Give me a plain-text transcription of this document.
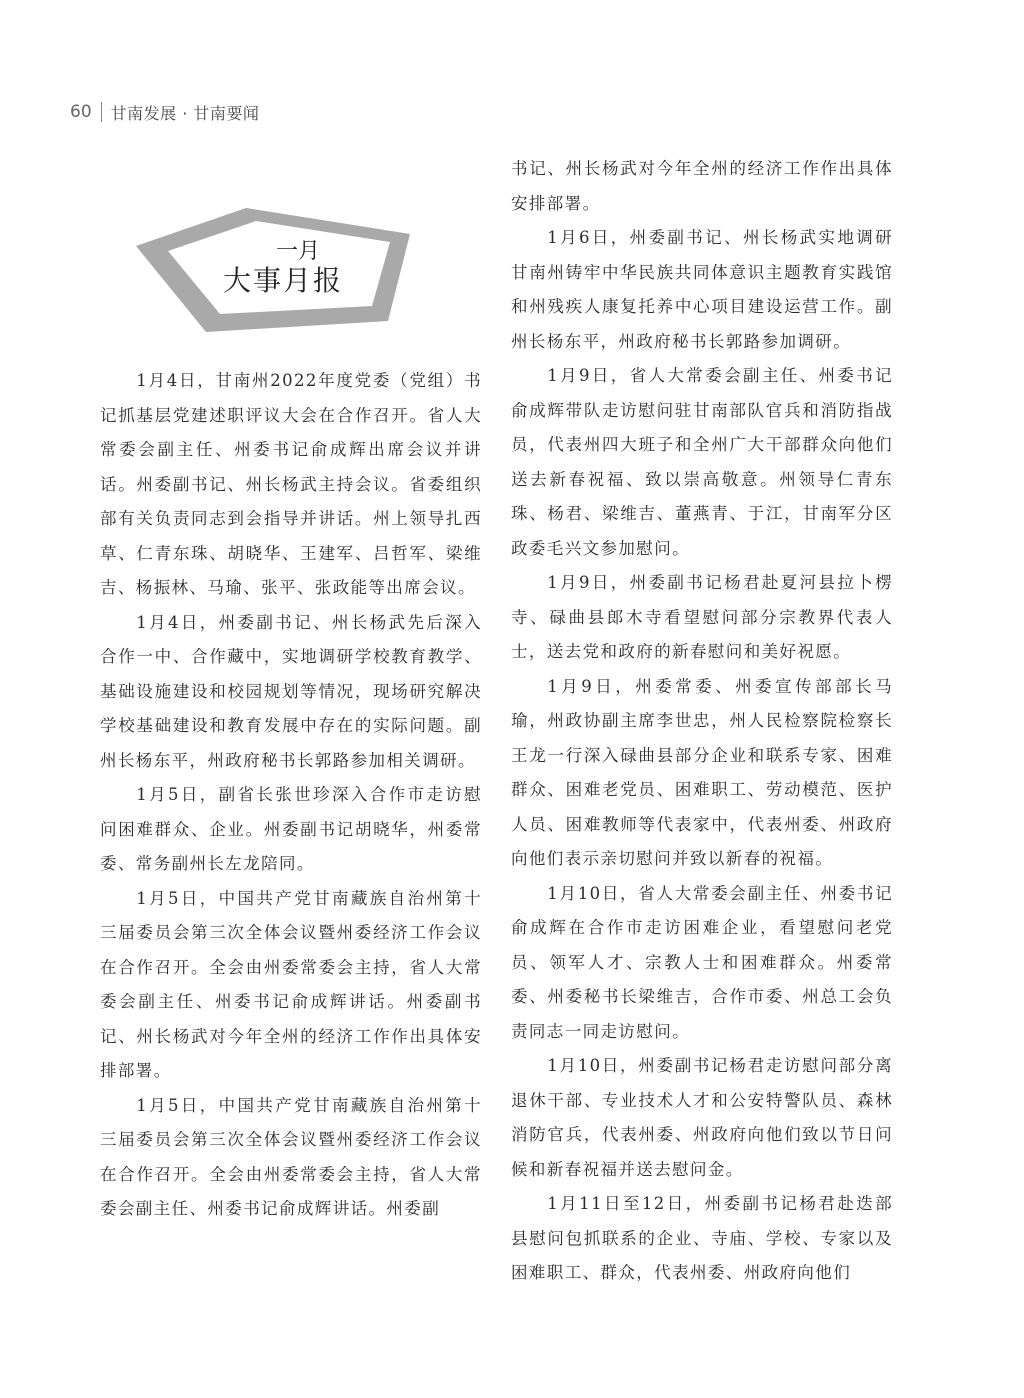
60 甘南发展 · 甘南要闻
一月
大事月报

1月4日，甘南州2022年度党委（党组）书记抓基层党建述职评议大会在合作召开。省人大常委会副主任、州委书记俞成辉出席会议并讲话。州委副书记、州长杨武主持会议。省委组织部有关负责同志到会指导并讲话。州上领导扎西草、仁青东珠、胡晓华、王建军、吕哲军、梁维吉、杨振林、马瑜、张平、张政能等出席会议。

1月4日，州委副书记、州长杨武先后深入合作一中、合作藏中，实地调研学校教育教学、基础设施建设和校园规划等情况，现场研究解决学校基础建设和教育发展中存在的实际问题。副州长杨东平，州政府秘书长郭路参加相关调研。

1月5日，副省长张世珍深入合作市走访慰问困难群众、企业。州委副书记胡晓华，州委常委、常务副州长左龙陪同。

1月5日，中国共产党甘南藏族自治州第十三届委员会第三次全体会议暨州委经济工作会议在合作召开。全会由州委常委会主持，省人大常委会副主任、州委书记俞成辉讲话。州委副书记、州长杨武对今年全州的经济工作作出具体安排部署。

1月5日，中国共产党甘南藏族自治州第十三届委员会第三次全体会议暨州委经济工作会议在合作召开。全会由州委常委会主持，省人大常委会副主任、州委书记俞成辉讲话。州委副

书记、州长杨武对今年全州的经济工作作出具体安排部署。

1月6日，州委副书记、州长杨武实地调研甘南州铸牢中华民族共同体意识主题教育实践馆和州残疾人康复托养中心项目建设运营工作。副州长杨东平，州政府秘书长郭路参加调研。

1月9日，省人大常委会副主任、州委书记俞成辉带队走访慰问驻甘南部队官兵和消防指战员，代表州四大班子和全州广大干部群众向他们送去新春祝福、致以崇高敬意。州领导仁青东珠、杨君、梁维吉、董燕青、于江，甘南军分区政委毛兴文参加慰问。

1月9日，州委副书记杨君赴夏河县拉卜楞寺、碌曲县郎木寺看望慰问部分宗教界代表人士，送去党和政府的新春慰问和美好祝愿。

1月9日，州委常委、州委宣传部部长马瑜，州政协副主席李世忠，州人民检察院检察长王龙一行深入碌曲县部分企业和联系专家、困难群众、困难老党员、困难职工、劳动模范、医护人员、困难教师等代表家中，代表州委、州政府向他们表示亲切慰问并致以新春的祝福。

1月10日，省人大常委会副主任、州委书记俞成辉在合作市走访困难企业，看望慰问老党员、领军人才、宗教人士和困难群众。州委常委、州委秘书长梁维吉，合作市委、州总工会负责同志一同走访慰问。

1月10日，州委副书记杨君走访慰问部分离退休干部、专业技术人才和公安特警队员、森林消防官兵，代表州委、州政府向他们致以节日问候和新春祝福并送去慰问金。

1月11日至12日，州委副书记杨君赴迭部县慰问包抓联系的企业、寺庙、学校、专家以及困难职工、群众，代表州委、州政府向他们
